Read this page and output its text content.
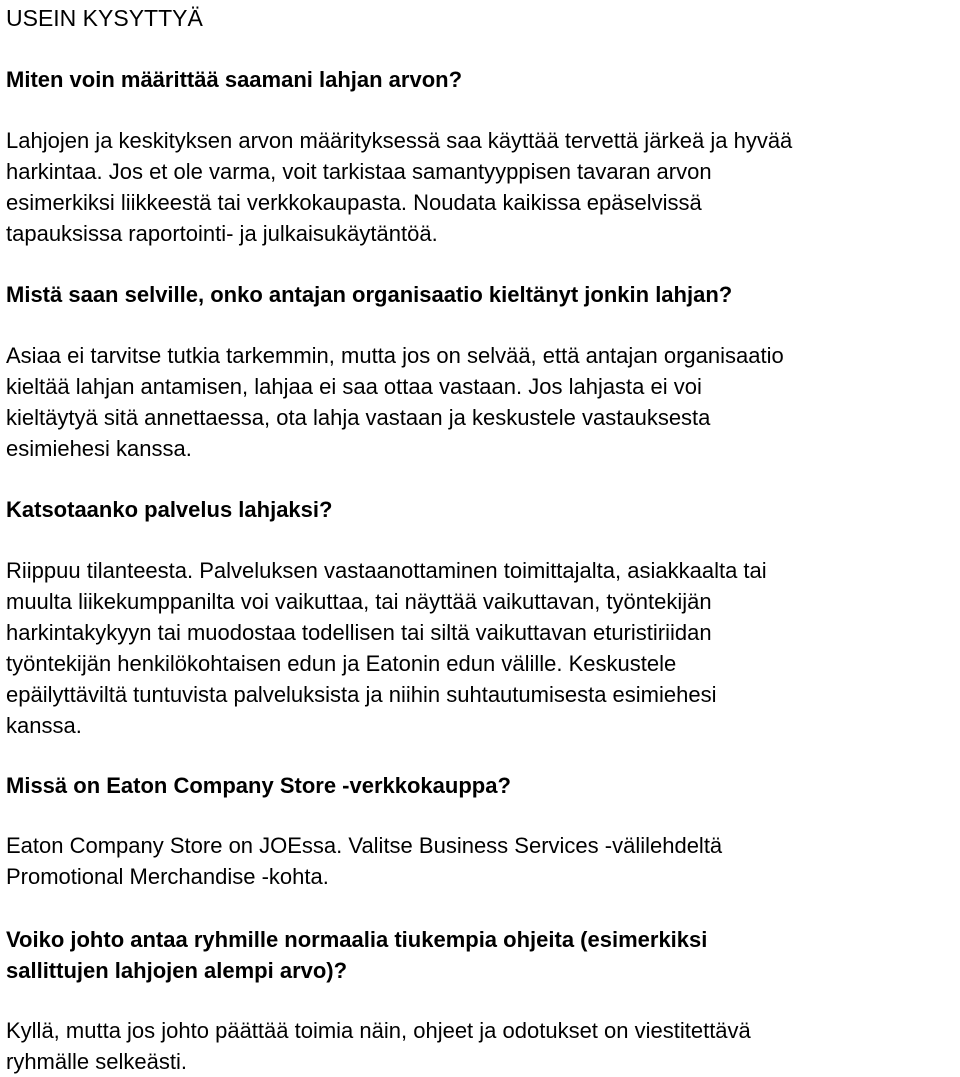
USEIN KYSYTTYÄ
Miten voin määrittää saamani lahjan arvon?
Lahjojen ja keskityksen arvon määrityksessä saa käyttää tervettä järkeä ja hyvää
harkintaa. Jos et ole varma, voit tarkistaa samantyyppisen tavaran arvon
esimerkiksi liikkeestä tai verkkokaupasta. Noudata kaikissa epäselvissä
tapauksissa raportointi- ja julkaisukäytäntöä.
Mistä saan selville, onko antajan organisaatio kieltänyt jonkin lahjan?
Asiaa ei tarvitse tutkia tarkemmin, mutta jos on selvää, että antajan organisaatio
kieltää lahjan antamisen, lahjaa ei saa ottaa vastaan. Jos lahjasta ei voi
kieltäytyä sitä annettaessa, ota lahja vastaan ja keskustele vastauksesta
esimiehesi kanssa.
Katsotaanko palvelus lahjaksi?
Riippuu tilanteesta. Palveluksen vastaanottaminen toimittajalta, asiakkaalta tai
muulta liikekumppanilta voi vaikuttaa, tai näyttää vaikuttavan, työntekijän
harkintakykyyn tai muodostaa todellisen tai siltä vaikuttavan eturistiriidan
työntekijän henkilökohtaisen edun ja Eatonin edun välille. Keskustele
epäilyttäviltä tuntuvista palveluksista ja niihin suhtautumisesta esimiehesi
kanssa.
Missä on Eaton Company Store -verkkokauppa?
Eaton Company Store on JOEssa. Valitse Business Services -välilehdeltä
Promotional Merchandise -kohta.
Voiko johto antaa ryhmille normaalia tiukempia ohjeita (esimerkiksi
sallittujen lahjojen alempi arvo)?
Kyllä, mutta jos johto päättää toimia näin, ohjeet ja odotukset on viestitettävä
ryhmälle selkeästi.
